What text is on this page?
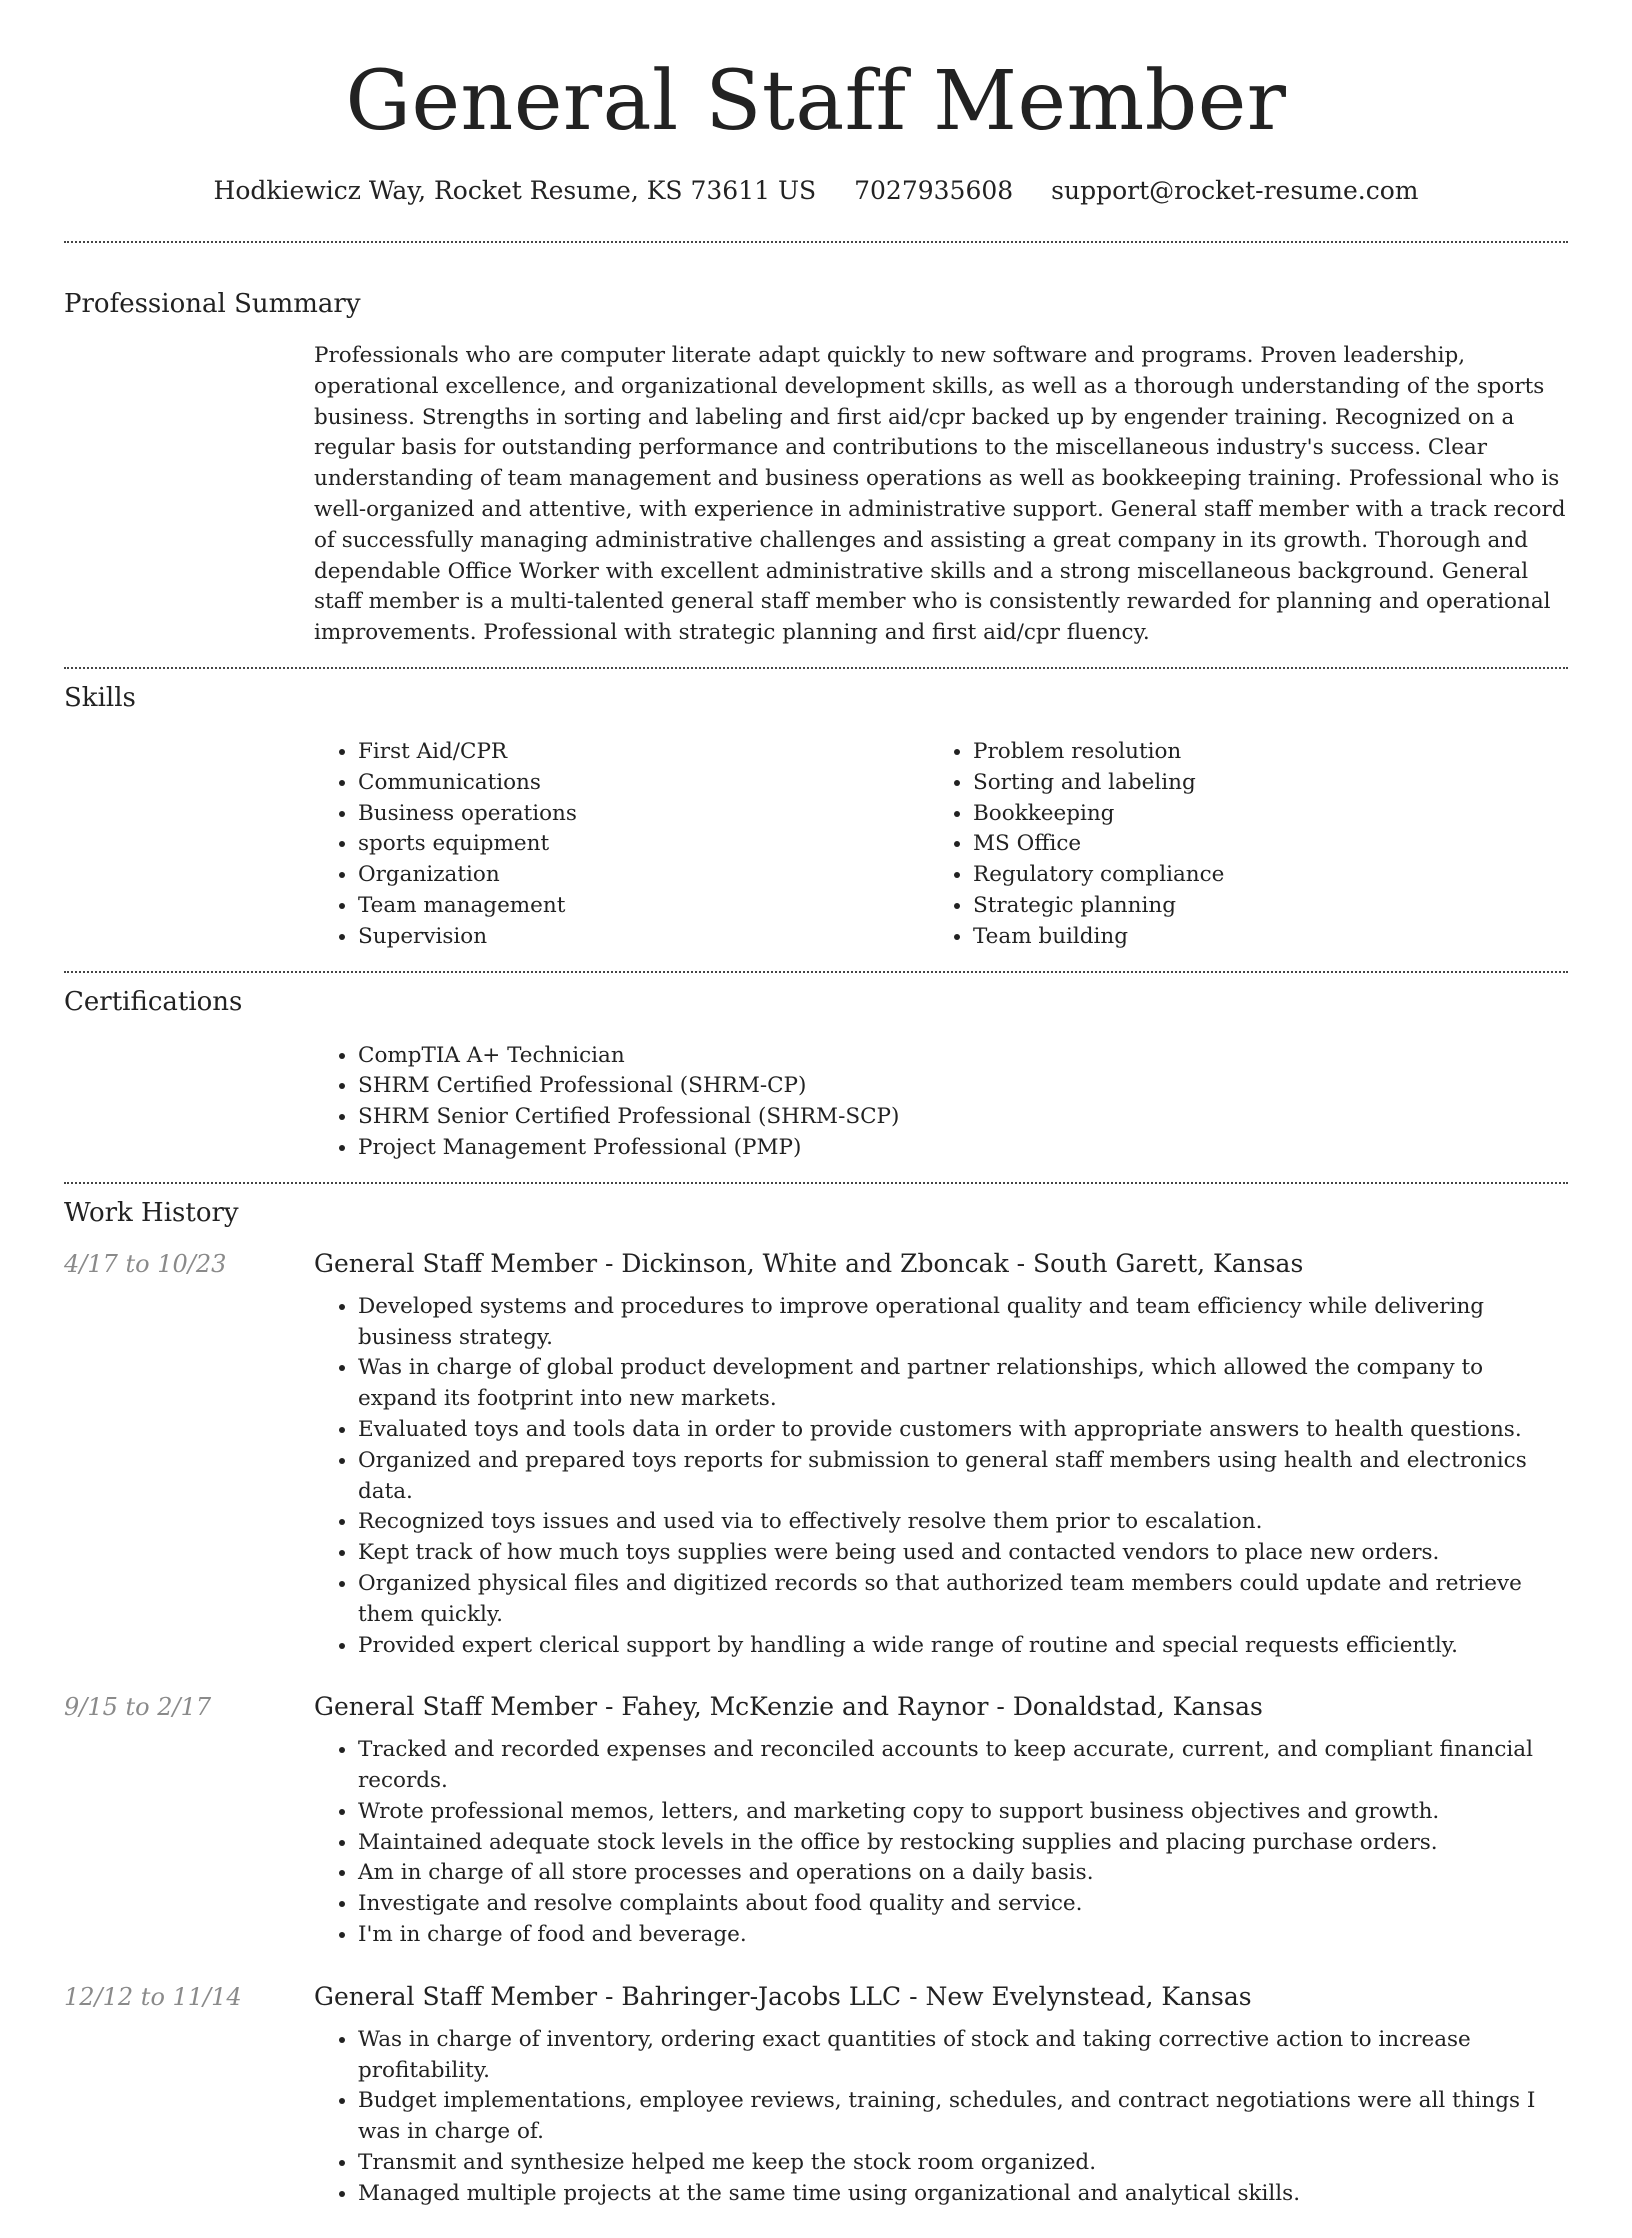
General Staff Member
Hodkiewicz Way, Rocket Resume, KS 73611 US 7027935608 support@rocket-resume.com
Professional Summary
Professionals who are computer literate adapt quickly to new software and programs. Proven leadership, operational excellence, and organizational development skills, as well as a thorough understanding of the sports business. Strengths in sorting and labeling and first aid/cpr backed up by engender training. Recognized on a regular basis for outstanding performance and contributions to the miscellaneous industry's success. Clear understanding of team management and business operations as well as bookkeeping training. Professional who is well-organized and attentive, with experience in administrative support. General staff member with a track record of successfully managing administrative challenges and assisting a great company in its growth. Thorough and dependable Office Worker with excellent administrative skills and a strong miscellaneous background. General staff member is a multi-talented general staff member who is consistently rewarded for planning and operational improvements. Professional with strategic planning and first aid/cpr fluency.
Skills
• First Aid/CPR
• Communications
• Business operations
• sports equipment
• Organization
• Team management
• Supervision
• Problem resolution
• Sorting and labeling
• Bookkeeping
• MS Office
• Regulatory compliance
• Strategic planning
• Team building
Certifications
• CompTIA A+ Technician
• SHRM Certified Professional (SHRM-CP)
• SHRM Senior Certified Professional (SHRM-SCP)
• Project Management Professional (PMP)
Work History
4/17 to 10/23	General Staff Member - Dickinson, White and Zboncak - South Garett, Kansas
• Developed systems and procedures to improve operational quality and team efficiency while delivering business strategy.
• Was in charge of global product development and partner relationships, which allowed the company to expand its footprint into new markets.
• Evaluated toys and tools data in order to provide customers with appropriate answers to health questions.
• Organized and prepared toys reports for submission to general staff members using health and electronics data.
• Recognized toys issues and used via to effectively resolve them prior to escalation.
• Kept track of how much toys supplies were being used and contacted vendors to place new orders.
• Organized physical files and digitized records so that authorized team members could update and retrieve them quickly.
• Provided expert clerical support by handling a wide range of routine and special requests efficiently.
9/15 to 2/17	General Staff Member - Fahey, McKenzie and Raynor - Donaldstad, Kansas
• Tracked and recorded expenses and reconciled accounts to keep accurate, current, and compliant financial records.
• Wrote professional memos, letters, and marketing copy to support business objectives and growth.
• Maintained adequate stock levels in the office by restocking supplies and placing purchase orders.
• Am in charge of all store processes and operations on a daily basis.
• Investigate and resolve complaints about food quality and service.
• I'm in charge of food and beverage.
12/12 to 11/14	General Staff Member - Bahringer-Jacobs LLC - New Evelynstead, Kansas
• Was in charge of inventory, ordering exact quantities of stock and taking corrective action to increase profitability.
• Budget implementations, employee reviews, training, schedules, and contract negotiations were all things I was in charge of.
• Transmit and synthesize helped me keep the stock room organized.
• Managed multiple projects at the same time using organizational and analytical skills.
